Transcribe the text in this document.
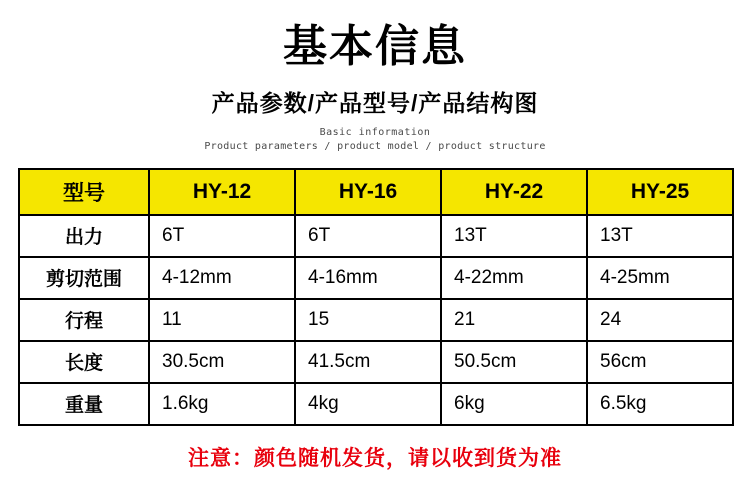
基本信息
产品参数/产品型号/产品结构图
Basic information
Product parameters / product model / product structure
型号	HY-12	HY-16	HY-22	HY-25
出力	6T	6T	13T	13T
剪切范围	4-12mm	4-16mm	4-22mm	4-25mm
行程	11	15	21	24
长度	30.5cm	41.5cm	50.5cm	56cm
重量	1.6kg	4kg	6kg	6.5kg
注意：颜色随机发货，请以收到货为准
